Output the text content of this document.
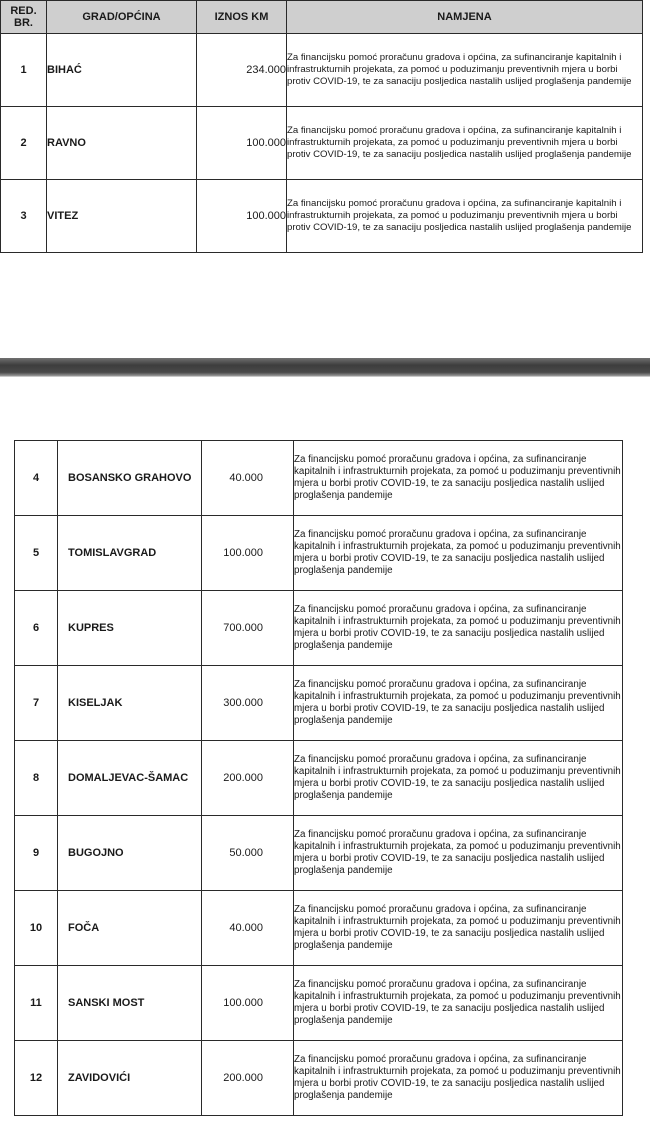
RED. BR.	GRAD/OPĆINA	IZNOS KM	NAMJENA
1	BIHAĆ	234.000	Za financijsku pomoć proračunu gradova i općina, za sufinanciranje kapitalnih i infrastrukturnih projekata, za pomoć u poduzimanju preventivnih mjera u borbi protiv COVID-19, te za sanaciju posljedica nastalih uslijed proglašenja pandemije
2	RAVNO	100.000	Za financijsku pomoć proračunu gradova i općina, za sufinanciranje kapitalnih i infrastrukturnih projekata, za pomoć u poduzimanju preventivnih mjera u borbi protiv COVID-19, te za sanaciju posljedica nastalih uslijed proglašenja pandemije
3	VITEZ	100.000	Za financijsku pomoć proračunu gradova i općina, za sufinanciranje kapitalnih i infrastrukturnih projekata, za pomoć u poduzimanju preventivnih mjera u borbi protiv COVID-19, te za sanaciju posljedica nastalih uslijed proglašenja pandemije
4	BOSANSKO GRAHOVO	40.000	Za financijsku pomoć proračunu gradova i općina, za sufinanciranje kapitalnih i infrastrukturnih projekata, za pomoć u poduzimanju preventivnih mjera u borbi protiv COVID-19, te za sanaciju posljedica nastalih uslijed proglašenja pandemije
5	TOMISLAVGRAD	100.000	Za financijsku pomoć proračunu gradova i općina, za sufinanciranje kapitalnih i infrastrukturnih projekata, za pomoć u poduzimanju preventivnih mjera u borbi protiv COVID-19, te za sanaciju posljedica nastalih uslijed proglašenja pandemije
6	KUPRES	700.000	Za financijsku pomoć proračunu gradova i općina, za sufinanciranje kapitalnih i infrastrukturnih projekata, za pomoć u poduzimanju preventivnih mjera u borbi protiv COVID-19, te za sanaciju posljedica nastalih uslijed proglašenja pandemije
7	KISELJAK	300.000	Za financijsku pomoć proračunu gradova i općina, za sufinanciranje kapitalnih i infrastrukturnih projekata, za pomoć u poduzimanju preventivnih mjera u borbi protiv COVID-19, te za sanaciju posljedica nastalih uslijed proglašenja pandemije
8	DOMALJEVAC-ŠAMAC	200.000	Za financijsku pomoć proračunu gradova i općina, za sufinanciranje kapitalnih i infrastrukturnih projekata, za pomoć u poduzimanju preventivnih mjera u borbi protiv COVID-19, te za sanaciju posljedica nastalih uslijed proglašenja pandemije
9	BUGOJNO	50.000	Za financijsku pomoć proračunu gradova i općina, za sufinanciranje kapitalnih i infrastrukturnih projekata, za pomoć u poduzimanju preventivnih mjera u borbi protiv COVID-19, te za sanaciju posljedica nastalih uslijed proglašenja pandemije
10	FOČA	40.000	Za financijsku pomoć proračunu gradova i općina, za sufinanciranje kapitalnih i infrastrukturnih projekata, za pomoć u poduzimanju preventivnih mjera u borbi protiv COVID-19, te za sanaciju posljedica nastalih uslijed proglašenja pandemije
11	SANSKI MOST	100.000	Za financijsku pomoć proračunu gradova i općina, za sufinanciranje kapitalnih i infrastrukturnih projekata, za pomoć u poduzimanju preventivnih mjera u borbi protiv COVID-19, te za sanaciju posljedica nastalih uslijed proglašenja pandemije
12	ZAVIDOVIĆI	200.000	Za financijsku pomoć proračunu gradova i općina, za sufinanciranje kapitalnih i infrastrukturnih projekata, za pomoć u poduzimanju preventivnih mjera u borbi protiv COVID-19, te za sanaciju posljedica nastalih uslijed proglašenja pandemije
